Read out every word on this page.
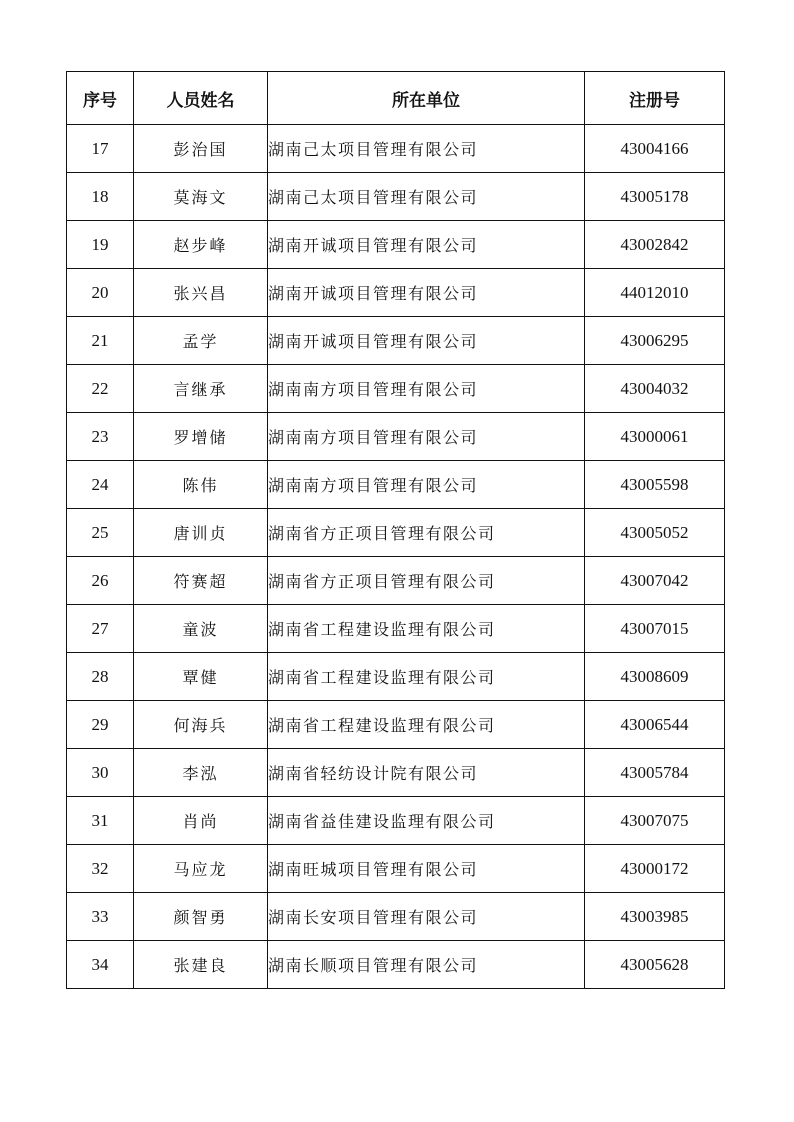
序号	人员姓名	所在单位	注册号
17	彭治国	湖南己太项目管理有限公司	43004166
18	莫海文	湖南己太项目管理有限公司	43005178
19	赵步峰	湖南开诚项目管理有限公司	43002842
20	张兴昌	湖南开诚项目管理有限公司	44012010
21	孟学	湖南开诚项目管理有限公司	43006295
22	言继承	湖南南方项目管理有限公司	43004032
23	罗增储	湖南南方项目管理有限公司	43000061
24	陈伟	湖南南方项目管理有限公司	43005598
25	唐训贞	湖南省方正项目管理有限公司	43005052
26	符赛超	湖南省方正项目管理有限公司	43007042
27	童波	湖南省工程建设监理有限公司	43007015
28	覃健	湖南省工程建设监理有限公司	43008609
29	何海兵	湖南省工程建设监理有限公司	43006544
30	李泓	湖南省轻纺设计院有限公司	43005784
31	肖尚	湖南省益佳建设监理有限公司	43007075
32	马应龙	湖南旺城项目管理有限公司	43000172
33	颜智勇	湖南长安项目管理有限公司	43003985
34	张建良	湖南长顺项目管理有限公司	43005628
